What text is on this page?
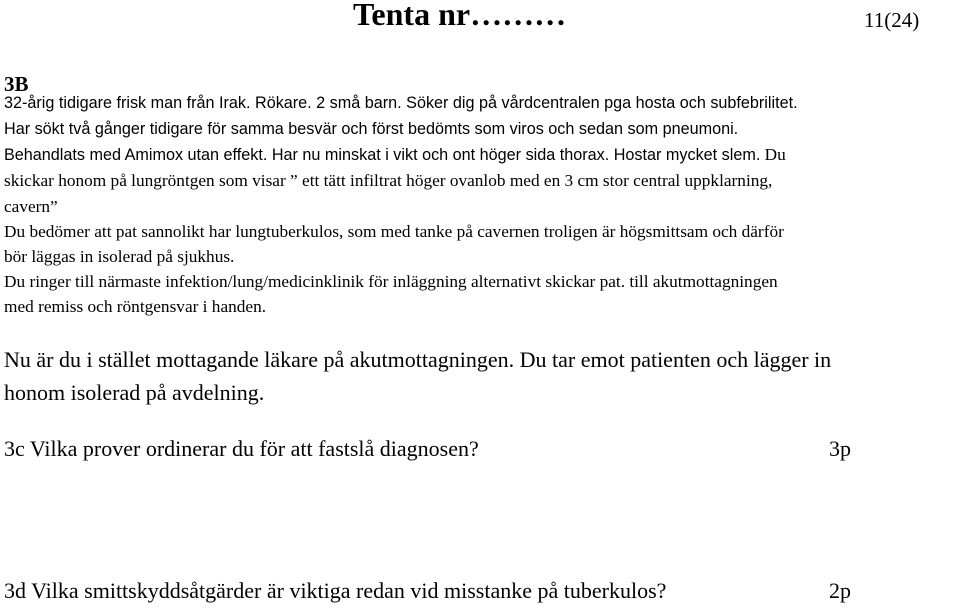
Tenta nr………	11(24)
3B
32-årig tidigare frisk man från Irak. Rökare. 2 små barn. Söker dig på vårdcentralen pga hosta och subfebrilitet.
Har sökt två gånger tidigare för samma besvär och först bedömts som viros och sedan som pneumoni.
Behandlats med Amimox utan effekt. Har nu minskat i vikt och ont höger sida thorax. Hostar mycket slem. Du
skickar honom på lungröntgen som visar ” ett tätt infiltrat höger ovanlob med en 3 cm stor central uppklarning,
cavern”
Du bedömer att pat sannolikt har lungtuberkulos, som med tanke på cavernen troligen är högsmittsam och därför
bör läggas in isolerad på sjukhus.
Du ringer till närmaste infektion/lung/medicinklinik för inläggning alternativt skickar pat. till akutmottagningen
med remiss och röntgensvar i handen.
Nu är du i stället mottagande läkare på akutmottagningen. Du tar emot patienten och lägger in
honom isolerad på avdelning.
3c Vilka prover ordinerar du för att fastslå diagnosen?	3p
3d Vilka smittskyddsåtgärder är viktiga redan vid misstanke på tuberkulos?	2p
